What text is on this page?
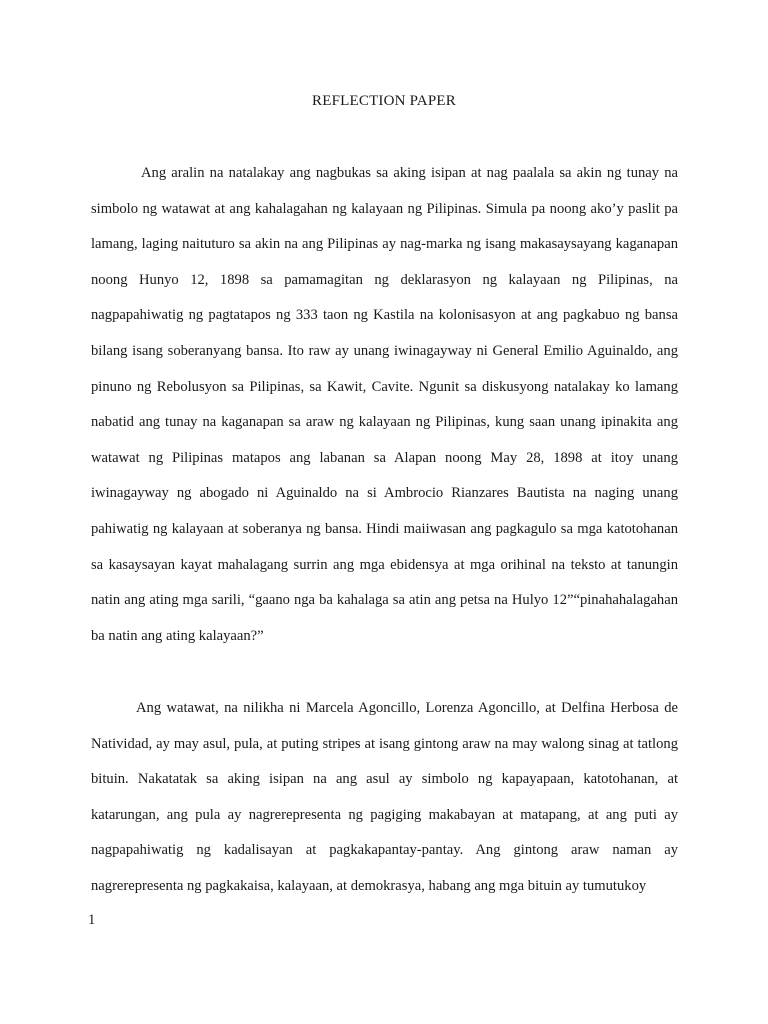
REFLECTION PAPER

Ang aralin na natalakay ang nagbukas sa aking isipan at nag paalala sa akin ng tunay na simbolo ng watawat at ang kahalagahan ng kalayaan ng Pilipinas. Simula pa noong ako’y paslit pa lamang, laging naituturo sa akin na ang Pilipinas ay nag-marka ng isang makasaysayang kaganapan noong Hunyo 12, 1898 sa pamamagitan ng deklarasyon ng kalayaan ng Pilipinas, na nagpapahiwatig ng pagtatapos ng 333 taon ng Kastila na kolonisasyon at ang pagkabuo ng bansa bilang isang soberanyang bansa. Ito raw ay unang iwinagayway ni General Emilio Aguinaldo, ang pinuno ng Rebolusyon sa Pilipinas, sa Kawit, Cavite. Ngunit sa diskusyong natalakay ko lamang nabatid ang tunay na kaganapan sa araw ng kalayaan ng Pilipinas, kung saan unang ipinakita ang watawat ng Pilipinas matapos ang labanan sa Alapan noong May 28, 1898 at itoy unang iwinagayway ng abogado ni Aguinaldo na si Ambrocio Rianzares Bautista na naging unang pahiwatig ng kalayaan at soberanya ng bansa. Hindi maiiwasan ang pagkagulo sa mga katotohanan sa kasaysayan kayat mahalagang surrin ang mga ebidensya at mga orihinal na teksto at tanungin natin ang ating mga sarili, “gaano nga ba kahalaga sa atin ang petsa na Hulyo 12”“pinahahalagahan ba natin ang ating kalayaan?”

Ang watawat, na nilikha ni Marcela Agoncillo, Lorenza Agoncillo, at Delfina Herbosa de Natividad, ay may asul, pula, at puting stripes at isang gintong araw na may walong sinag at tatlong bituin. Nakatatak sa aking isipan na ang asul ay simbolo ng kapayapaan, katotohanan, at katarungan, ang pula ay nagrerepresenta ng pagiging makabayan at matapang, at ang puti ay nagpapahiwatig ng kadalisayan at pagkakapantay-pantay. Ang gintong araw naman ay nagrerepresenta ng pagkakaisa, kalayaan, at demokrasya, habang ang mga bituin ay tumutukoy

1
